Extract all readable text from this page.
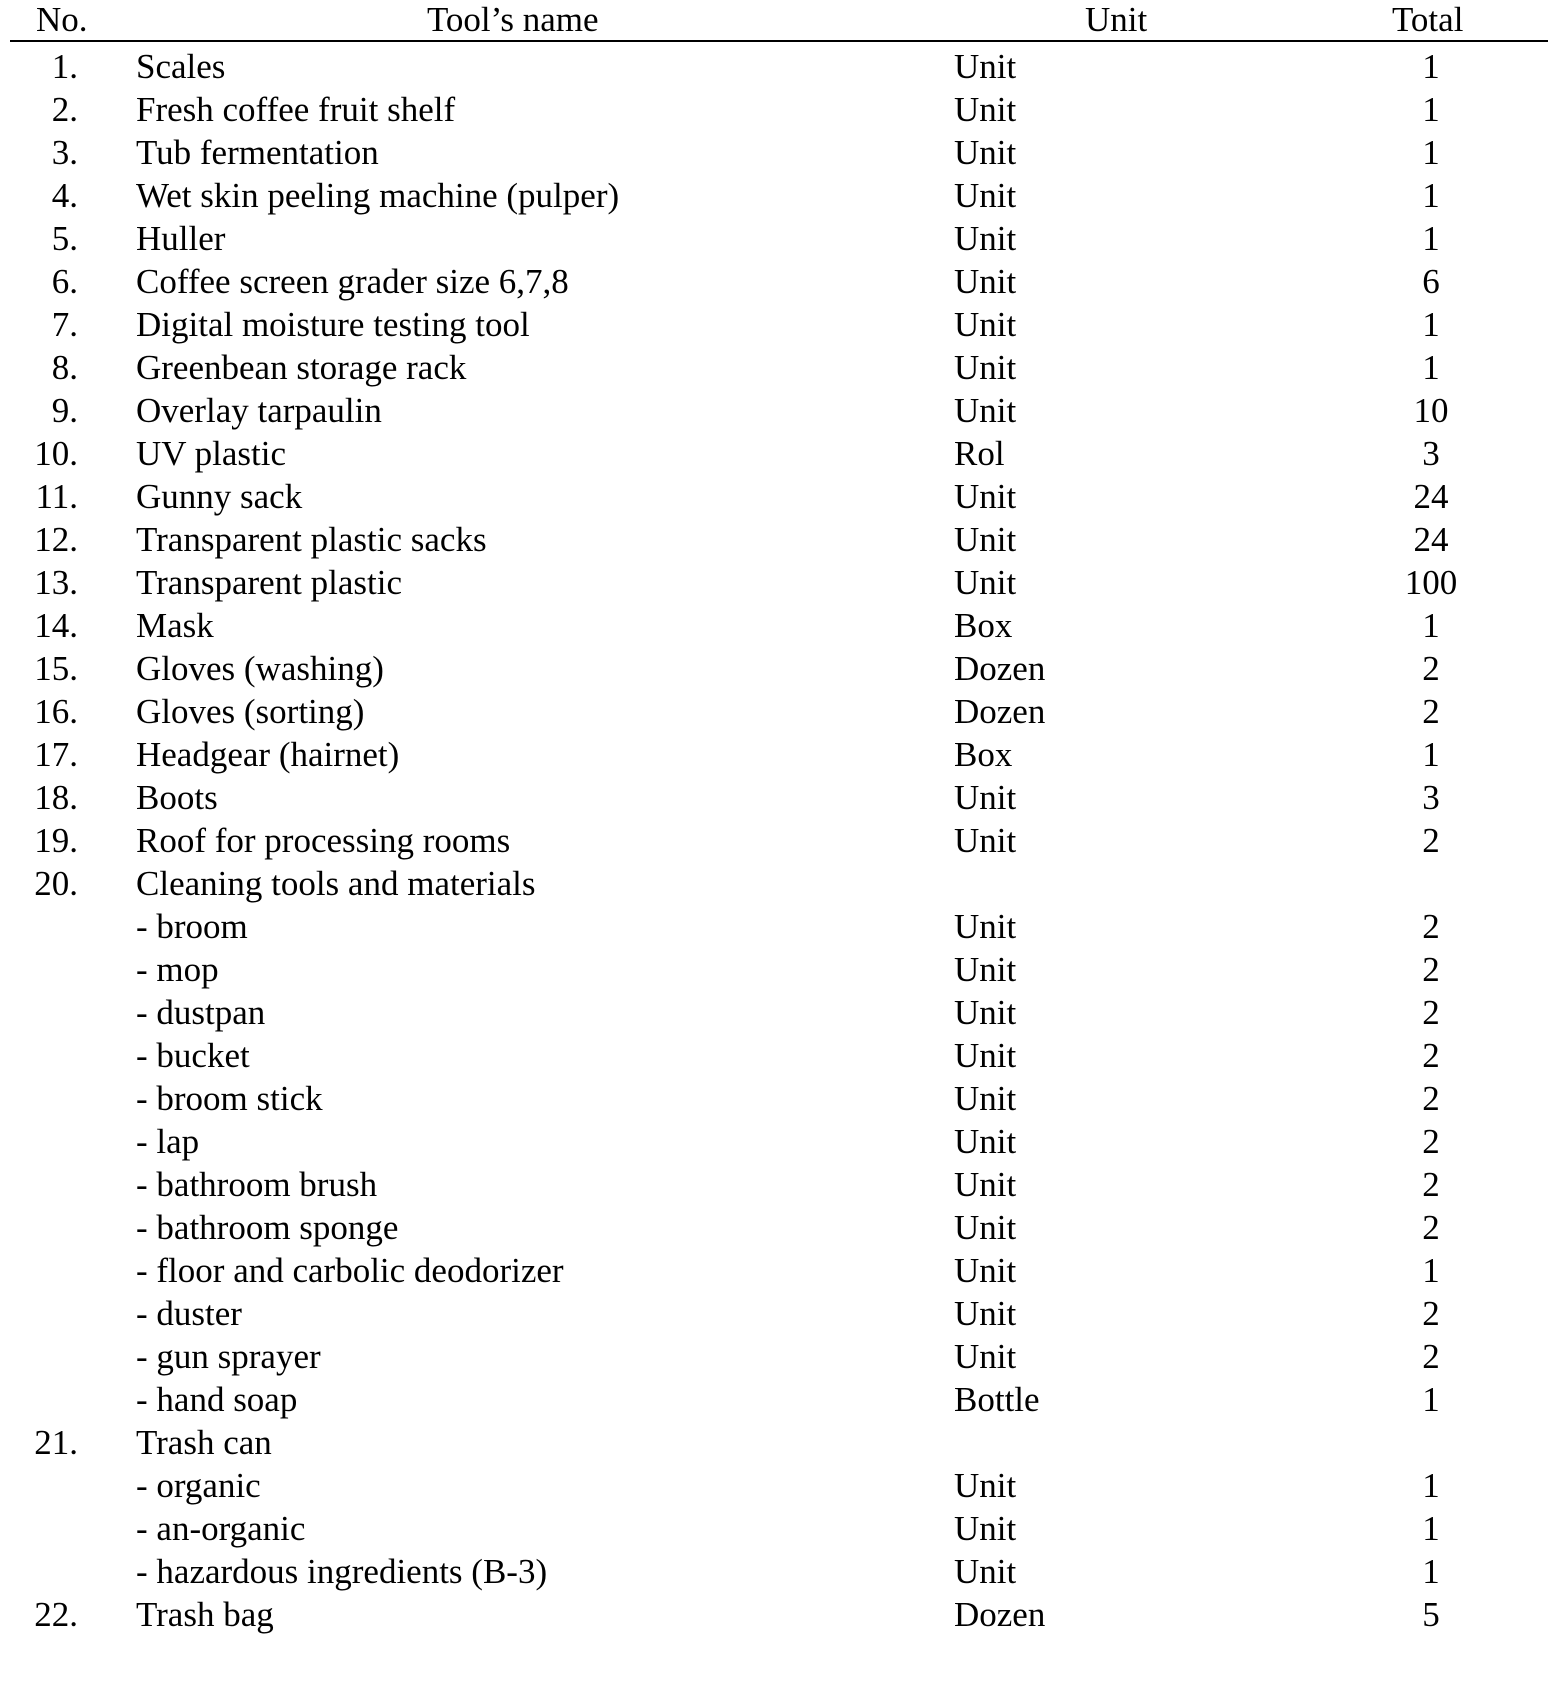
No.	Tool’s name	Unit	Total
1. Scales	Unit	1
2. Fresh coffee fruit shelf	Unit	1
3. Tub fermentation	Unit	1
4. Wet skin peeling machine (pulper)	Unit	1
5. Huller	Unit	1
6. Coffee screen grader size 6,7,8	Unit	6
7. Digital moisture testing tool	Unit	1
8. Greenbean storage rack	Unit	1
9. Overlay tarpaulin	Unit	10
10. UV plastic	Rol	3
11. Gunny sack	Unit	24
12. Transparent plastic sacks	Unit	24
13. Transparent plastic	Unit	100
14. Mask	Box	1
15. Gloves (washing)	Dozen	2
16. Gloves (sorting)	Dozen	2
17. Headgear (hairnet)	Box	1
18. Boots	Unit	3
19. Roof for processing rooms	Unit	2
20. Cleaning tools and materials
- broom	Unit	2
- mop	Unit	2
- dustpan	Unit	2
- bucket	Unit	2
- broom stick	Unit	2
- lap	Unit	2
- bathroom brush	Unit	2
- bathroom sponge	Unit	2
- floor and carbolic deodorizer	Unit	1
- duster	Unit	2
- gun sprayer	Unit	2
- hand soap	Bottle	1
21. Trash can
- organic	Unit	1
- an-organic	Unit	1
- hazardous ingredients (B-3)	Unit	1
22. Trash bag	Dozen	5
